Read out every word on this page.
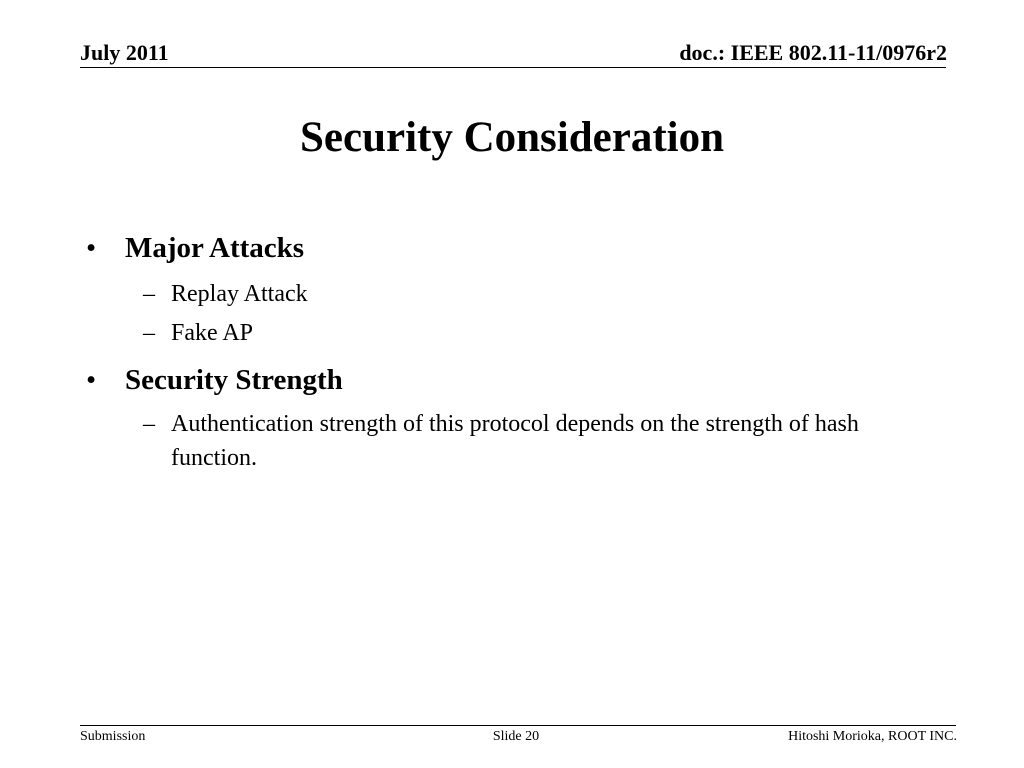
July 2011	doc.: IEEE 802.11-11/0976r2
Security Consideration
• Major Attacks
– Replay Attack
– Fake AP
• Security Strength
– Authentication strength of this protocol depends on the strength of hash function.
Submission	Slide 20	Hitoshi Morioka, ROOT INC.
